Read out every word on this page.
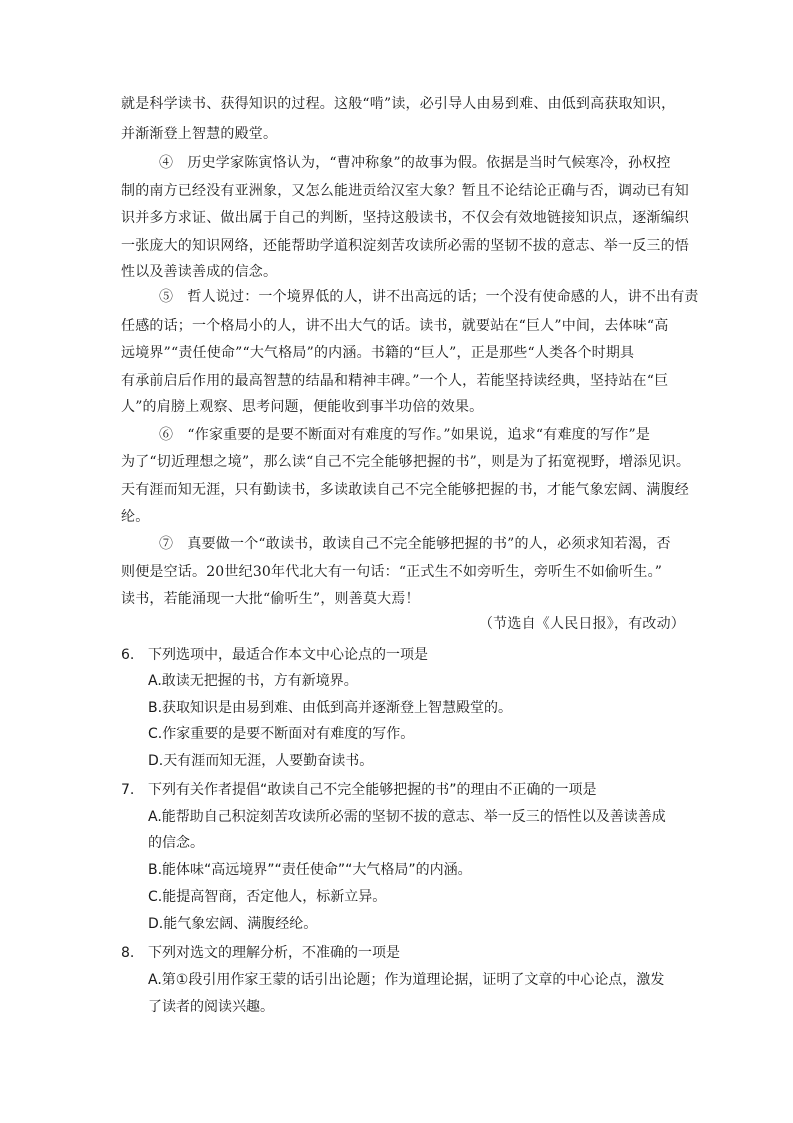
就是科学读书、获得知识的过程。这般“啃”读，必引导人由易到难、由低到高获取知识，
并渐渐登上智慧的殿堂。
④　历史学家陈寅恪认为，“曹冲称象”的故事为假。依据是当时气候寒冷，孙权控
制的南方已经没有亚洲象，又怎么能进贡给汉室大象？暂且不论结论正确与否，调动已有知
识并多方求证、做出属于自己的判断，坚持这般读书，不仅会有效地链接知识点，逐渐编织
一张庞大的知识网络，还能帮助学道积淀刻苦攻读所必需的坚韧不拔的意志、举一反三的悟
性以及善读善成的信念。
⑤　哲人说过：一个境界低的人，讲不出高远的话；一个没有使命感的人，讲不出有责
任感的话；一个格局小的人，讲不出大气的话。读书，就要站在“巨人”中间，去体味“高
远境界”“责任使命”“大气格局”的内涵。书籍的“巨人”，正是那些“人类各个时期具
有承前启后作用的最高智慧的结晶和精神丰碑。”一个人，若能坚持读经典，坚持站在“巨
人”的肩膀上观察、思考问题，便能收到事半功倍的效果。
⑥　“作家重要的是要不断面对有难度的写作。”如果说，追求“有难度的写作”是
为了“切近理想之境”，那么读“自己不完全能够把握的书”，则是为了拓宽视野，增添见识。
天有涯而知无涯，只有勤读书，多读敢读自己不完全能够把握的书，才能气象宏阔、满腹经
纶。
⑦　真要做一个“敢读书，敢读自己不完全能够把握的书”的人，必须求知若渴，否
则便是空话。20世纪30年代北大有一句话：“正式生不如旁听生，旁听生不如偷听生。”
读书，若能涌现一大批“偷听生”，则善莫大焉！
（节选自《人民日报》，有改动）
6. 下列选项中，最适合作本文中心论点的一项是
A.敢读无把握的书，方有新境界。
B.获取知识是由易到难、由低到高并逐渐登上智慧殿堂的。
C.作家重要的是要不断面对有难度的写作。
D.天有涯而知无涯，人要勤奋读书。
7. 下列有关作者提倡“敢读自己不完全能够把握的书”的理由不正确的一项是
A.能帮助自己积淀刻苦攻读所必需的坚韧不拔的意志、举一反三的悟性以及善读善成
的信念。
B.能体味“高远境界”“责任使命”“大气格局”的内涵。
C.能提高智商，否定他人，标新立异。
D.能气象宏阔、满腹经纶。
8. 下列对选文的理解分析，不准确的一项是
A.第①段引用作家王蒙的话引出论题；作为道理论据，证明了文章的中心论点，激发
了读者的阅读兴趣。
